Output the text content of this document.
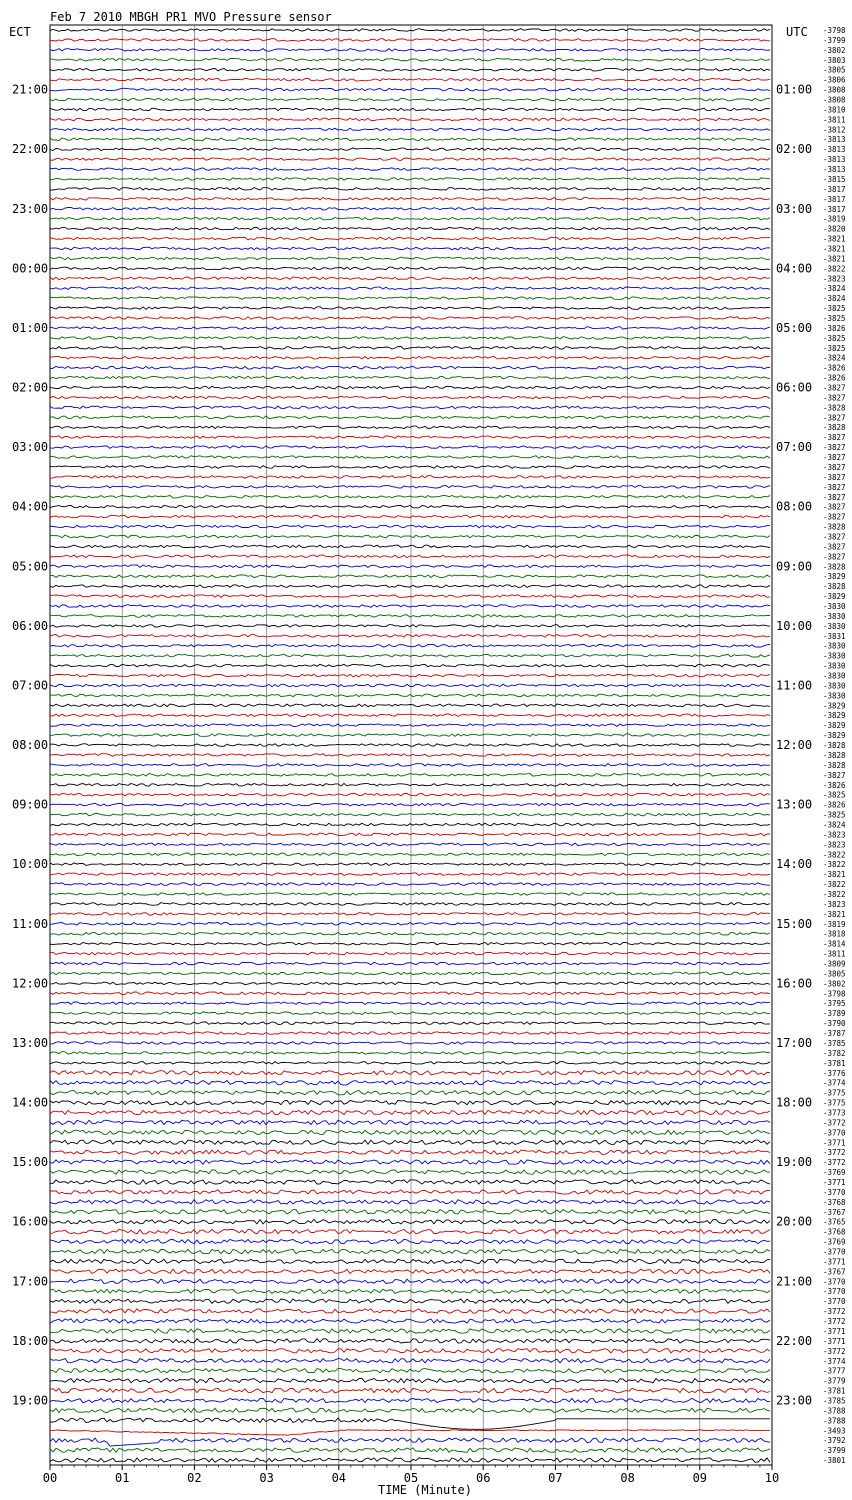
Feb 7 2010 MBGH PR1 MVO Pressure sensor
ECT	UTC
21:00
22:00
23:00
00:00
01:00
02:00
03:00
04:00
05:00
06:00
07:00
08:00
09:00
10:00
11:00
12:00
13:00
14:00
15:00
16:00
17:00
18:00
19:00
01:00
02:00
03:00
04:00
05:00
06:00
07:00
08:00
09:00
10:00
11:00
12:00
13:00
14:00
15:00
16:00
17:00
18:00
19:00
20:00
21:00
22:00
23:00
-3798
-3799
-3802
-3803
-3805
-3806
-3808
-3808
-3810
-3811
-3812
-3813
-3813
-3813
-3813
-3815
-3817
-3817
-3817
-3819
-3820
-3821
-3821
-3821
-3822
-3823
-3824
-3824
-3825
-3825
-3826
-3825
-3825
-3824
-3826
-3826
-3827
-3827
-3828
-3827
-3828
-3827
-3827
-3827
-3827
-3827
-3827
-3827
-3827
-3827
-3828
-3827
-3827
-3827
-3828
-3829
-3828
-3829
-3830
-3830
-3830
-3831
-3830
-3830
-3830
-3830
-3830
-3830
-3829
-3829
-3829
-3829
-3828
-3828
-3828
-3827
-3826
-3825
-3826
-3825
-3824
-3823
-3823
-3822
-3822
-3821
-3822
-3822
-3823
-3821
-3819
-3818
-3814
-3811
-3809
-3805
-3802
-3798
-3795
-3789
-3790
-3787
-3785
-3782
-3781
-3776
-3774
-3775
-3775
-3773
-3772
-3770
-3771
-3772
-3772
-3769
-3771
-3770
-3768
-3767
-3765
-3768
-3769
-3770
-3771
-3767
-3770
-3770
-3770
-3772
-3772
-3771
-3771
-3772
-3774
-3777
-3779
-3781
-3785
-3788
-3788
-3493
-3792
-3799
-3801
00	01	02	03	04	05	06	07	08	09	10
TIME (Minute)
